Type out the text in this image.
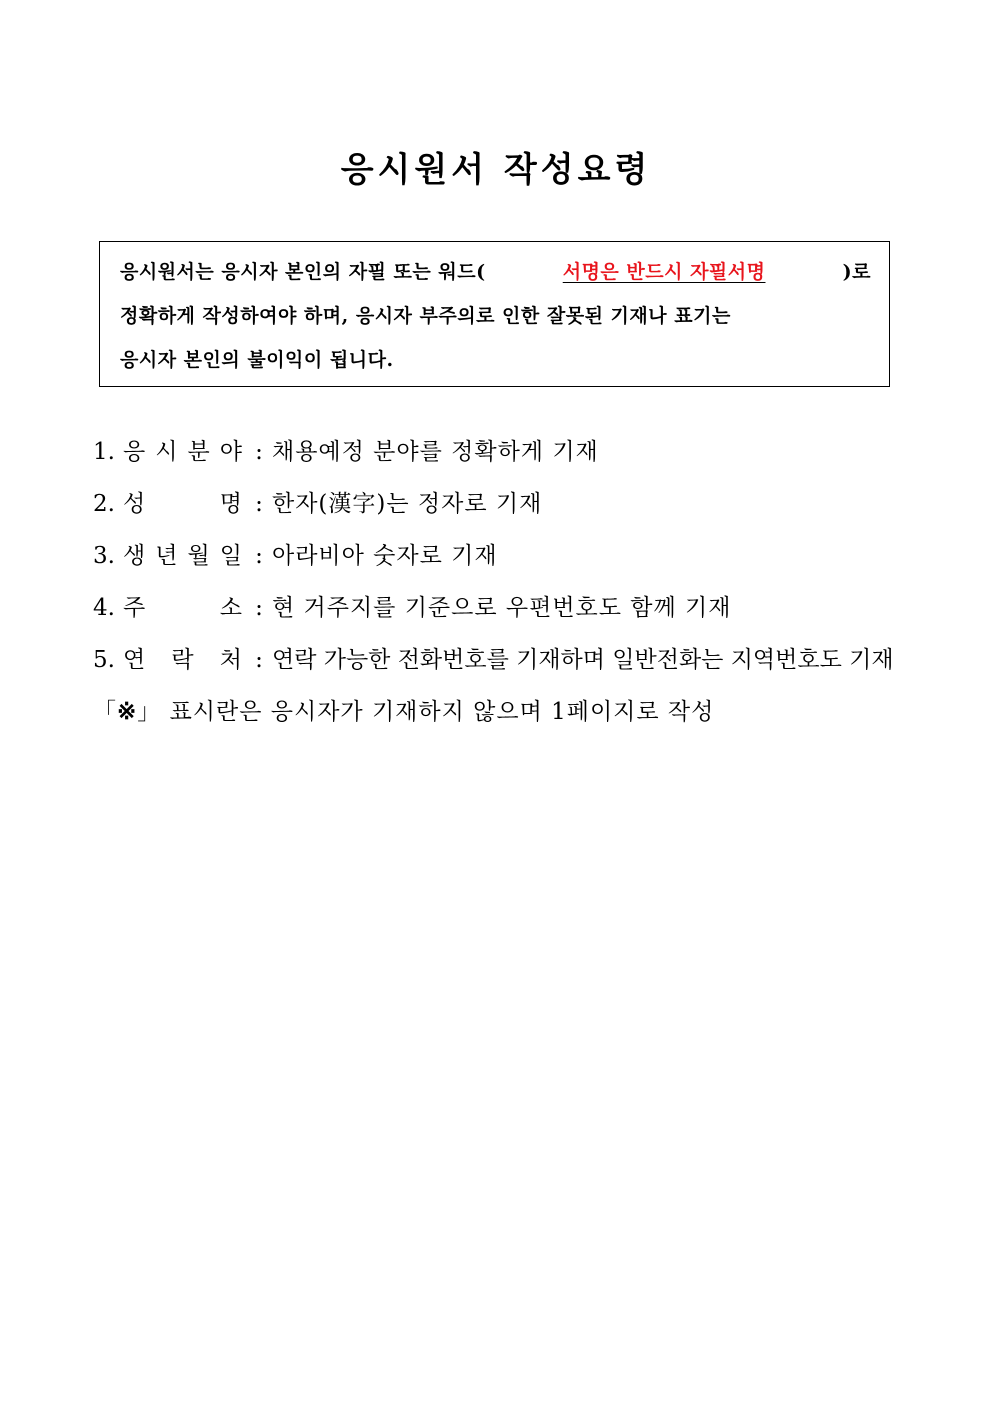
응시원서 작성요령
응시원서는 응시자 본인의 자필 또는 워드(	서명은 반드시 자필서명	)로
정확하게 작성하여야 하며, 응시자 부주의로 인한 잘못된 기재나 표기는
응시자 본인의 불이익이 됩니다.
1. 응 시 분 야 : 채용예정 분야를 정확하게 기재
2. 성	명 : 한자(漢字)는 정자로 기재
3. 생 년 월 일 : 아라비아 숫자로 기재
4. 주	소 : 현 거주지를 기준으로 우편번호도 함께 기재
5. 연 락 처 : 연락 가능한 전화번호를 기재하며 일반전화는 지역번호도 기재
「※」 표시란은 응시자가 기재하지 않으며 1페이지로 작성
